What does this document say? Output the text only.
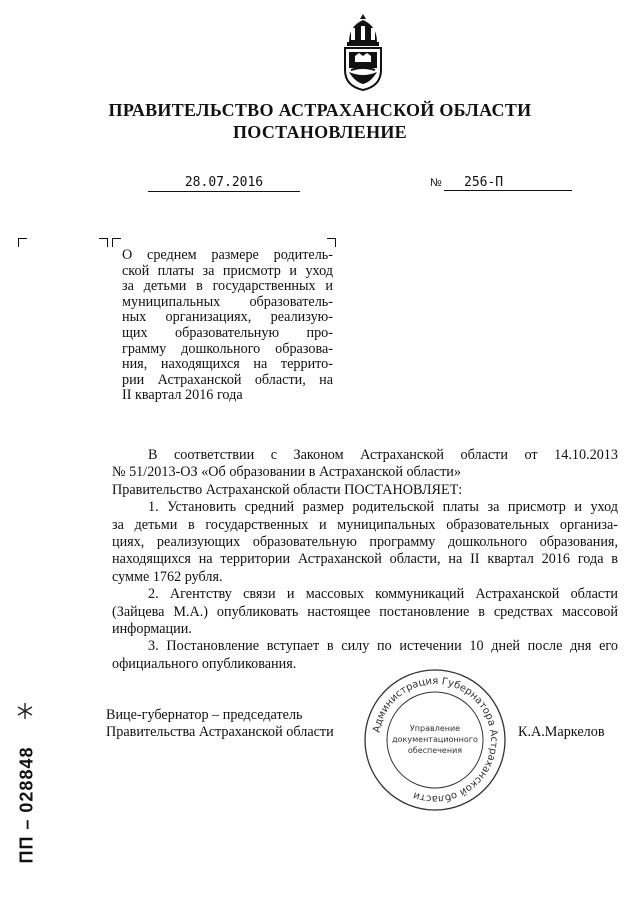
ПРАВИТЕЛЬСТВО АСТРАХАНСКОЙ ОБЛАСТИ
ПОСТАНОВЛЕНИЕ
28.07.2016	№	256-П
О среднем размере родитель-
ской платы за присмотр и уход
за детьми в государственных и
муниципальных образователь-
ных организациях, реализую-
щих образовательную про-
грамму дошкольного образова-
ния, находящихся на террито-
рии Астраханской области, на
II квартал 2016 года
В соответствии с Законом Астраханской области от 14.10.2013
№ 51/2013-ОЗ «Об образовании в Астраханской области»
Правительство Астраханской области ПОСТАНОВЛЯЕТ:
1. Установить средний размер родительской платы за присмотр и уход
за детьми в государственных и муниципальных образовательных организа-
циях, реализующих образовательную программу дошкольного образования,
находящихся на территории Астраханской области, на II квартал 2016 года в
сумме 1762 рубля.
2. Агентству связи и массовых коммуникаций Астраханской области
(Зайцева М.А.) опубликовать настоящее постановление в средствах массовой
информации.
3. Постановление вступает в силу по истечении 10 дней после дня его
официального опубликования.
Администрация Губернатора Астраханской области
Управление
документационного
обеспечения
Вице-губернатор – председатель
Правительства Астраханской области	К.А.Маркелов
ПП – 028848
